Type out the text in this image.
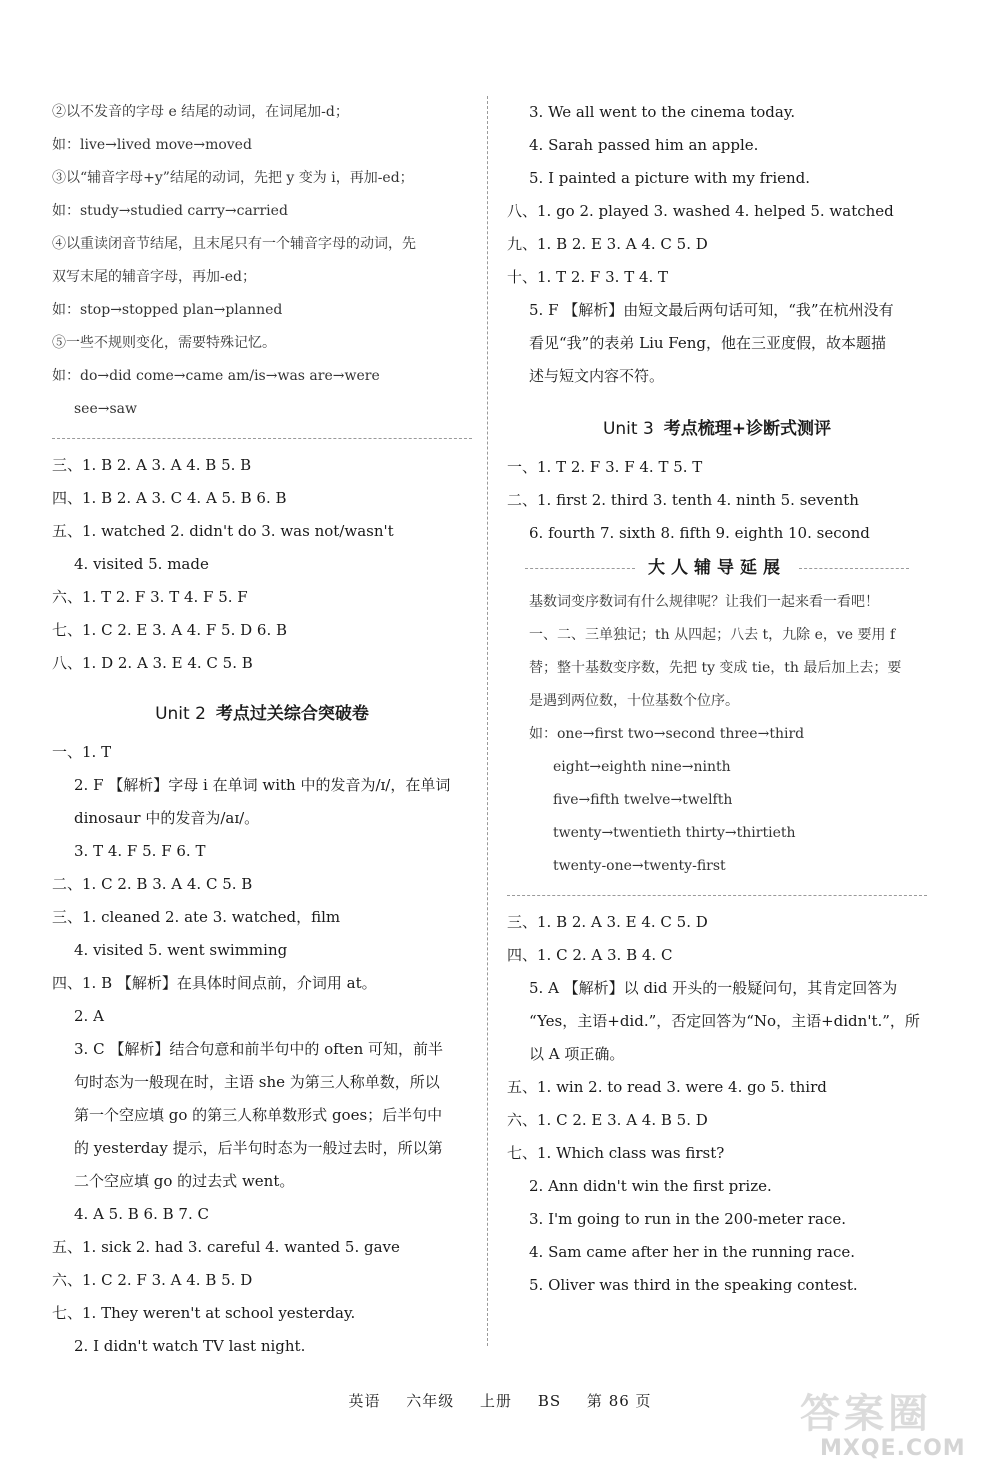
②以不发音的字母 e 结尾的动词，在词尾加-d；
如：live→lived move→moved
③以“辅音字母+y”结尾的动词，先把 y 变为 i，再加-ed；
如：study→studied carry→carried
④以重读闭音节结尾，且末尾只有一个辅音字母的动词，先
双写末尾的辅音字母，再加-ed；
如：stop→stopped plan→planned
⑤一些不规则变化，需要特殊记忆。
如：do→did come→came am/is→was are→were
see→saw
三、1. B 2. A 3. A 4. B 5. B
四、1. B 2. A 3. C 4. A 5. B 6. B
五、1. watched 2. didn't do 3. was not/wasn't
4. visited 5. made
六、1. T 2. F 3. T 4. F 5. F
七、1. C 2. E 3. A 4. F 5. D 6. B
八、1. D 2. A 3. E 4. C 5. B
Unit 2 考点过关综合突破卷
一、1. T
2. F 【解析】字母 i 在单词 with 中的发音为/ɪ/，在单词
dinosaur 中的发音为/aɪ/。
3. T 4. F 5. F 6. T
二、1. C 2. B 3. A 4. C 5. B
三、1. cleaned 2. ate 3. watched，film
4. visited 5. went swimming
四、1. B 【解析】在具体时间点前，介词用 at。
2. A
3. C 【解析】结合句意和前半句中的 often 可知，前半
句时态为一般现在时，主语 she 为第三人称单数，所以
第一个空应填 go 的第三人称单数形式 goes；后半句中
的 yesterday 提示，后半句时态为一般过去时，所以第
二个空应填 go 的过去式 went。
4. A 5. B 6. B 7. C
五、1. sick 2. had 3. careful 4. wanted 5. gave
六、1. C 2. F 3. A 4. B 5. D
七、1. They weren't at school yesterday.
2. I didn't watch TV last night.
3. We all went to the cinema today.
4. Sarah passed him an apple.
5. I painted a picture with my friend.
八、1. go 2. played 3. washed 4. helped 5. watched
九、1. B 2. E 3. A 4. C 5. D
十、1. T 2. F 3. T 4. T
5. F 【解析】由短文最后两句话可知，“我”在杭州没有
看见“我”的表弟 Liu Feng，他在三亚度假，故本题描
述与短文内容不符。
Unit 3 考点梳理+诊断式测评
一、1. T 2. F 3. F 4. T 5. T
二、1. first 2. third 3. tenth 4. ninth 5. seventh
6. fourth 7. sixth 8. fifth 9. eighth 10. second
大人辅导延展
基数词变序数词有什么规律呢？让我们一起来看一看吧！
一、二、三单独记；th 从四起；八去 t，九除 e，ve 要用 f
替；整十基数变序数，先把 ty 变成 tie，th 最后加上去；要
是遇到两位数，十位基数个位序。
如：one→first two→second three→third
eight→eighth nine→ninth
five→fifth twelve→twelfth
twenty→twentieth thirty→thirtieth
twenty-one→twenty-first
三、1. B 2. A 3. E 4. C 5. D
四、1. C 2. A 3. B 4. C
5. A 【解析】以 did 开头的一般疑问句，其肯定回答为
“Yes，主语+did.”，否定回答为“No，主语+didn't.”，所
以 A 项正确。
五、1. win 2. to read 3. were 4. go 5. third
六、1. C 2. E 3. A 4. B 5. D
七、1. Which class was first?
2. Ann didn't win the first prize.
3. I'm going to run in the 200-meter race.
4. Sam came after her in the running race.
5. Oliver was third in the speaking contest.
英语 六年级 上册 BS 第 86 页	答案圈
MXQE.COM
